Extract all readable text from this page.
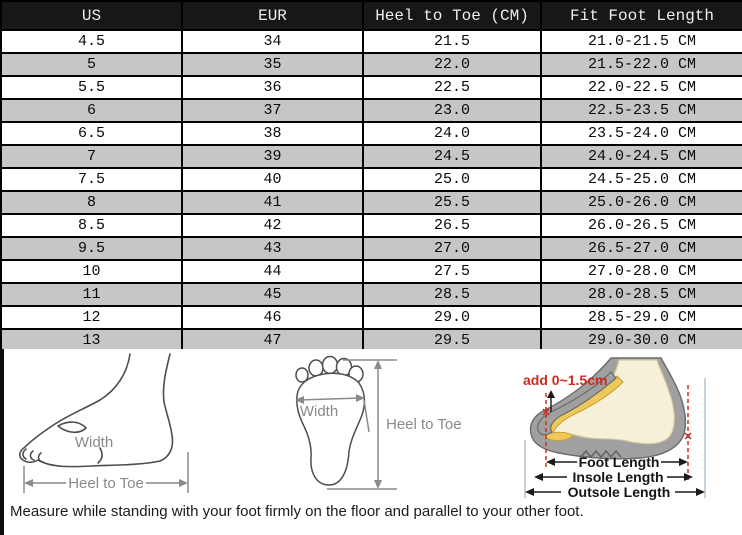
US	EUR	Heel to Toe (CM)	Fit Foot Length
4.5	34	21.5	21.0-21.5 CM
5	35	22.0	21.5-22.0 CM
5.5	36	22.5	22.0-22.5 CM
6	37	23.0	22.5-23.5 CM
6.5	38	24.0	23.5-24.0 CM
7	39	24.5	24.0-24.5 CM
7.5	40	25.0	24.5-25.0 CM
8	41	25.5	25.0-26.0 CM
8.5	42	26.5	26.0-26.5 CM
9.5	43	27.0	26.5-27.0 CM
10	44	27.5	27.0-28.0 CM
11	45	28.5	28.0-28.5 CM
12	46	29.0	28.5-29.0 CM
13	47	29.5	29.0-30.0 CM
Width
Heel to Toe
Width
Heel to Toe
add 0~1.5cm
Foot Length
Insole Length
Outsole Length
Measure while standing with your foot firmly on the floor and parallel to your other foot.
